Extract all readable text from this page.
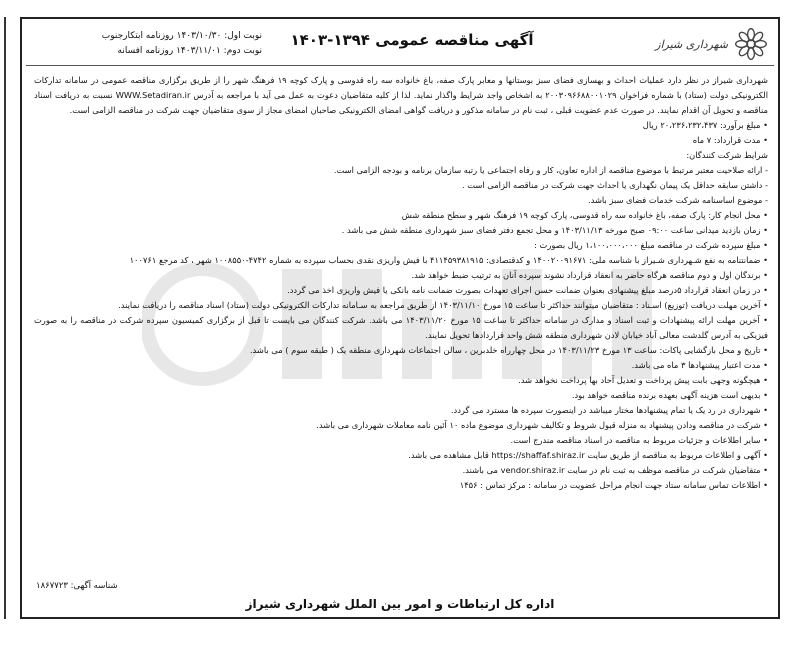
شهرداری شیراز
آگهی مناقصه عمومی ۱۳۹۴-۱۴۰۳
نوبت اول: ۱۴۰۳/۱۰/۳۰ روزنامه ابتکارجنوب
نوبت دوم: ۱۴۰۳/۱۱/۰۱ روزنامه افسانه

شهرداری شیراز در نظر دارد عملیات احداث و بهسازی فضای سبز بوستانها و معابر پارک صفه، باغ خانواده سه راه قدوسی و پارک کوچه ۱۹ فرهنگ شهر را از طریق برگزاری مناقصه عمومی در سامانه تدارکات الکترونیکی دولت (ستاد) با شماره فراخوان ۲۰۰۳۰۹۶۶۸۸۰۰۱۰۲۹ به اشخاص واجد شرایط واگذار نماید. لذا از کلیه متقاضیان دعوت به عمل می آید با مراجعه به آدرس WWW.Setadiran.ir نسبت به دریافت اسناد مناقصه و تحویل آن اقدام نمایند. در صورت عدم عضویت قبلی ، ثبت نام در سامانه مذکور و دریافت گواهی امضای الکترونیکی صاحبان امضای مجاز از سوی متقاضیان جهت شرکت در مناقصه الزامی است.

• مبلغ برآورد: ۲۰،۲۳۶،۲۳۲،۴۳۷ ریال

• مدت قرارداد: ۷ ماه

شرایط شرکت کنندگان:

- ارائه صلاحیت معتبر مرتبط با موضوع مناقصه از اداره تعاون، کار و رفاه اجتماعی یا رتبه سازمان برنامه و بودجه الزامی است.

- داشتن سابقه حداقل یک پیمان نگهداری یا احداث جهت شرکت در مناقصه الزامی است .

- موضوع اساسنامه شرکت خدمات فضای سبز باشد.

• محل انجام کار: پارک صفه، باغ خانواده سه راه قدوسی، پارک کوچه ۱۹ فرهنگ شهر و سطح منطقه شش

• زمان بازدید میدانی ساعت ۰۹:۰۰ صبح مورخه ۱۴۰۳/۱۱/۱۳ و محل تجمع دفتر فضای سبز شهرداری منطقه شش می باشد .

• مبلغ سپرده شرکت در مناقصه مبلغ ۱،۱۰۰،۰۰۰،۰۰۰ ریال بصورت :

• ضمانتنامه به نفع شـهرداری شـیراز با شناسه ملی: ۱۴۰۰۲۰۰۹۱۶۷۱ و کدقتصادی: ۴۱۱۴۵۹۳۸۱۹۱۵ با فیش واریزی نقدی بحساب سپرده به شماره ۴۷۴۲-۱۰۰۸۵۵۰ شهر ، کد مرجع ۱۰۰۷۶۱

• برندگان اول و دوم مناقصه هرگاه حاضر به انعقاد قرارداد نشوند سپرده آنان به ترتیب ضبط خواهد شد.

• در زمان انعقاد قرارداد ۵درصد مبلغ پیشنهادی بعنوان ضمانت حسن اجرای تعهدات بصورت ضمانت نامه بانکی یا فیش واریزی اخذ می گردد.

• آخرین مهلت دریافت (توزیع) اسـناد : متقاضیان میتوانند حداکثر تا ساعت ۱۵ مورخ ۱۴۰۳/۱۱/۱۰ از طریق مراجعه به سـامانه تدارکات الکترونیکی دولت (ستاد) اسناد مناقصه را دریافت نمایند.

• آخرین مهلت ارائه پیشنهادات و ثبت اسناد و مدارک در سامانه حداکثر تا ساعت ۱۵ مورخ ۱۴۰۳/۱۱/۲۰ می باشد. شرکت کنندگان می بایست تا قبل از برگزاری کمیسیون سپرده شرکت در مناقصه را به صورت فیزیکی به آدرس گلدشت معالی آباد خیابان لادن شهرداری منطقه شش واحد قراردادها تحویل نمایند.

• تاریخ و محل بازگشایی پاکات: ساعت ۱۳ مورخ ۱۴۰۳/۱۱/۲۳ در محل چهارراه خلدبرین ، سالن اجتماعات شهرداری منطقه یک ( طبقه سوم ) می باشد.

• مدت اعتبار پیشنهادها ۳ ماه می باشد.

• هیچگونه وجهی بابت پیش پرداخت و تعدیل آحاد بها پرداخت نخواهد شد.

• بدیهی است هزینه آگهی بعهده برنده مناقصه خواهد بود.

• شهرداری در رد یک یا تمام پیشنهادها مختار میباشد در اینصورت سپرده ها مسترد می گردد.

• شرکت در مناقصه ودادن پیشنهاد به منزله قبول شروط و تکالیف شهرداری موضوع ماده ۱۰ آئین نامه معاملات شهرداری می باشد.

• سایر اطلاعات و جزئیات مربوط به مناقصه در اسناد مناقصه مندرج است.

• آگهی و اطلاعات مربوط به مناقصه از طریق سایت https://shaffaf.shiraz.ir قابل مشاهده می باشد.

• متقاضیان شرکت در مناقصه موظف به ثبت نام در سایت vendor.shiraz.ir می باشند.

• اطلاعات تماس سامانه ستاد جهت انجام مراحل عضویت در سامانه : مرکز تماس : ۱۴۵۶

شناسه آگهی: ۱۸۶۷۷۲۳
اداره کل ارتباطات و امور بین الملل شهرداری شیراز
